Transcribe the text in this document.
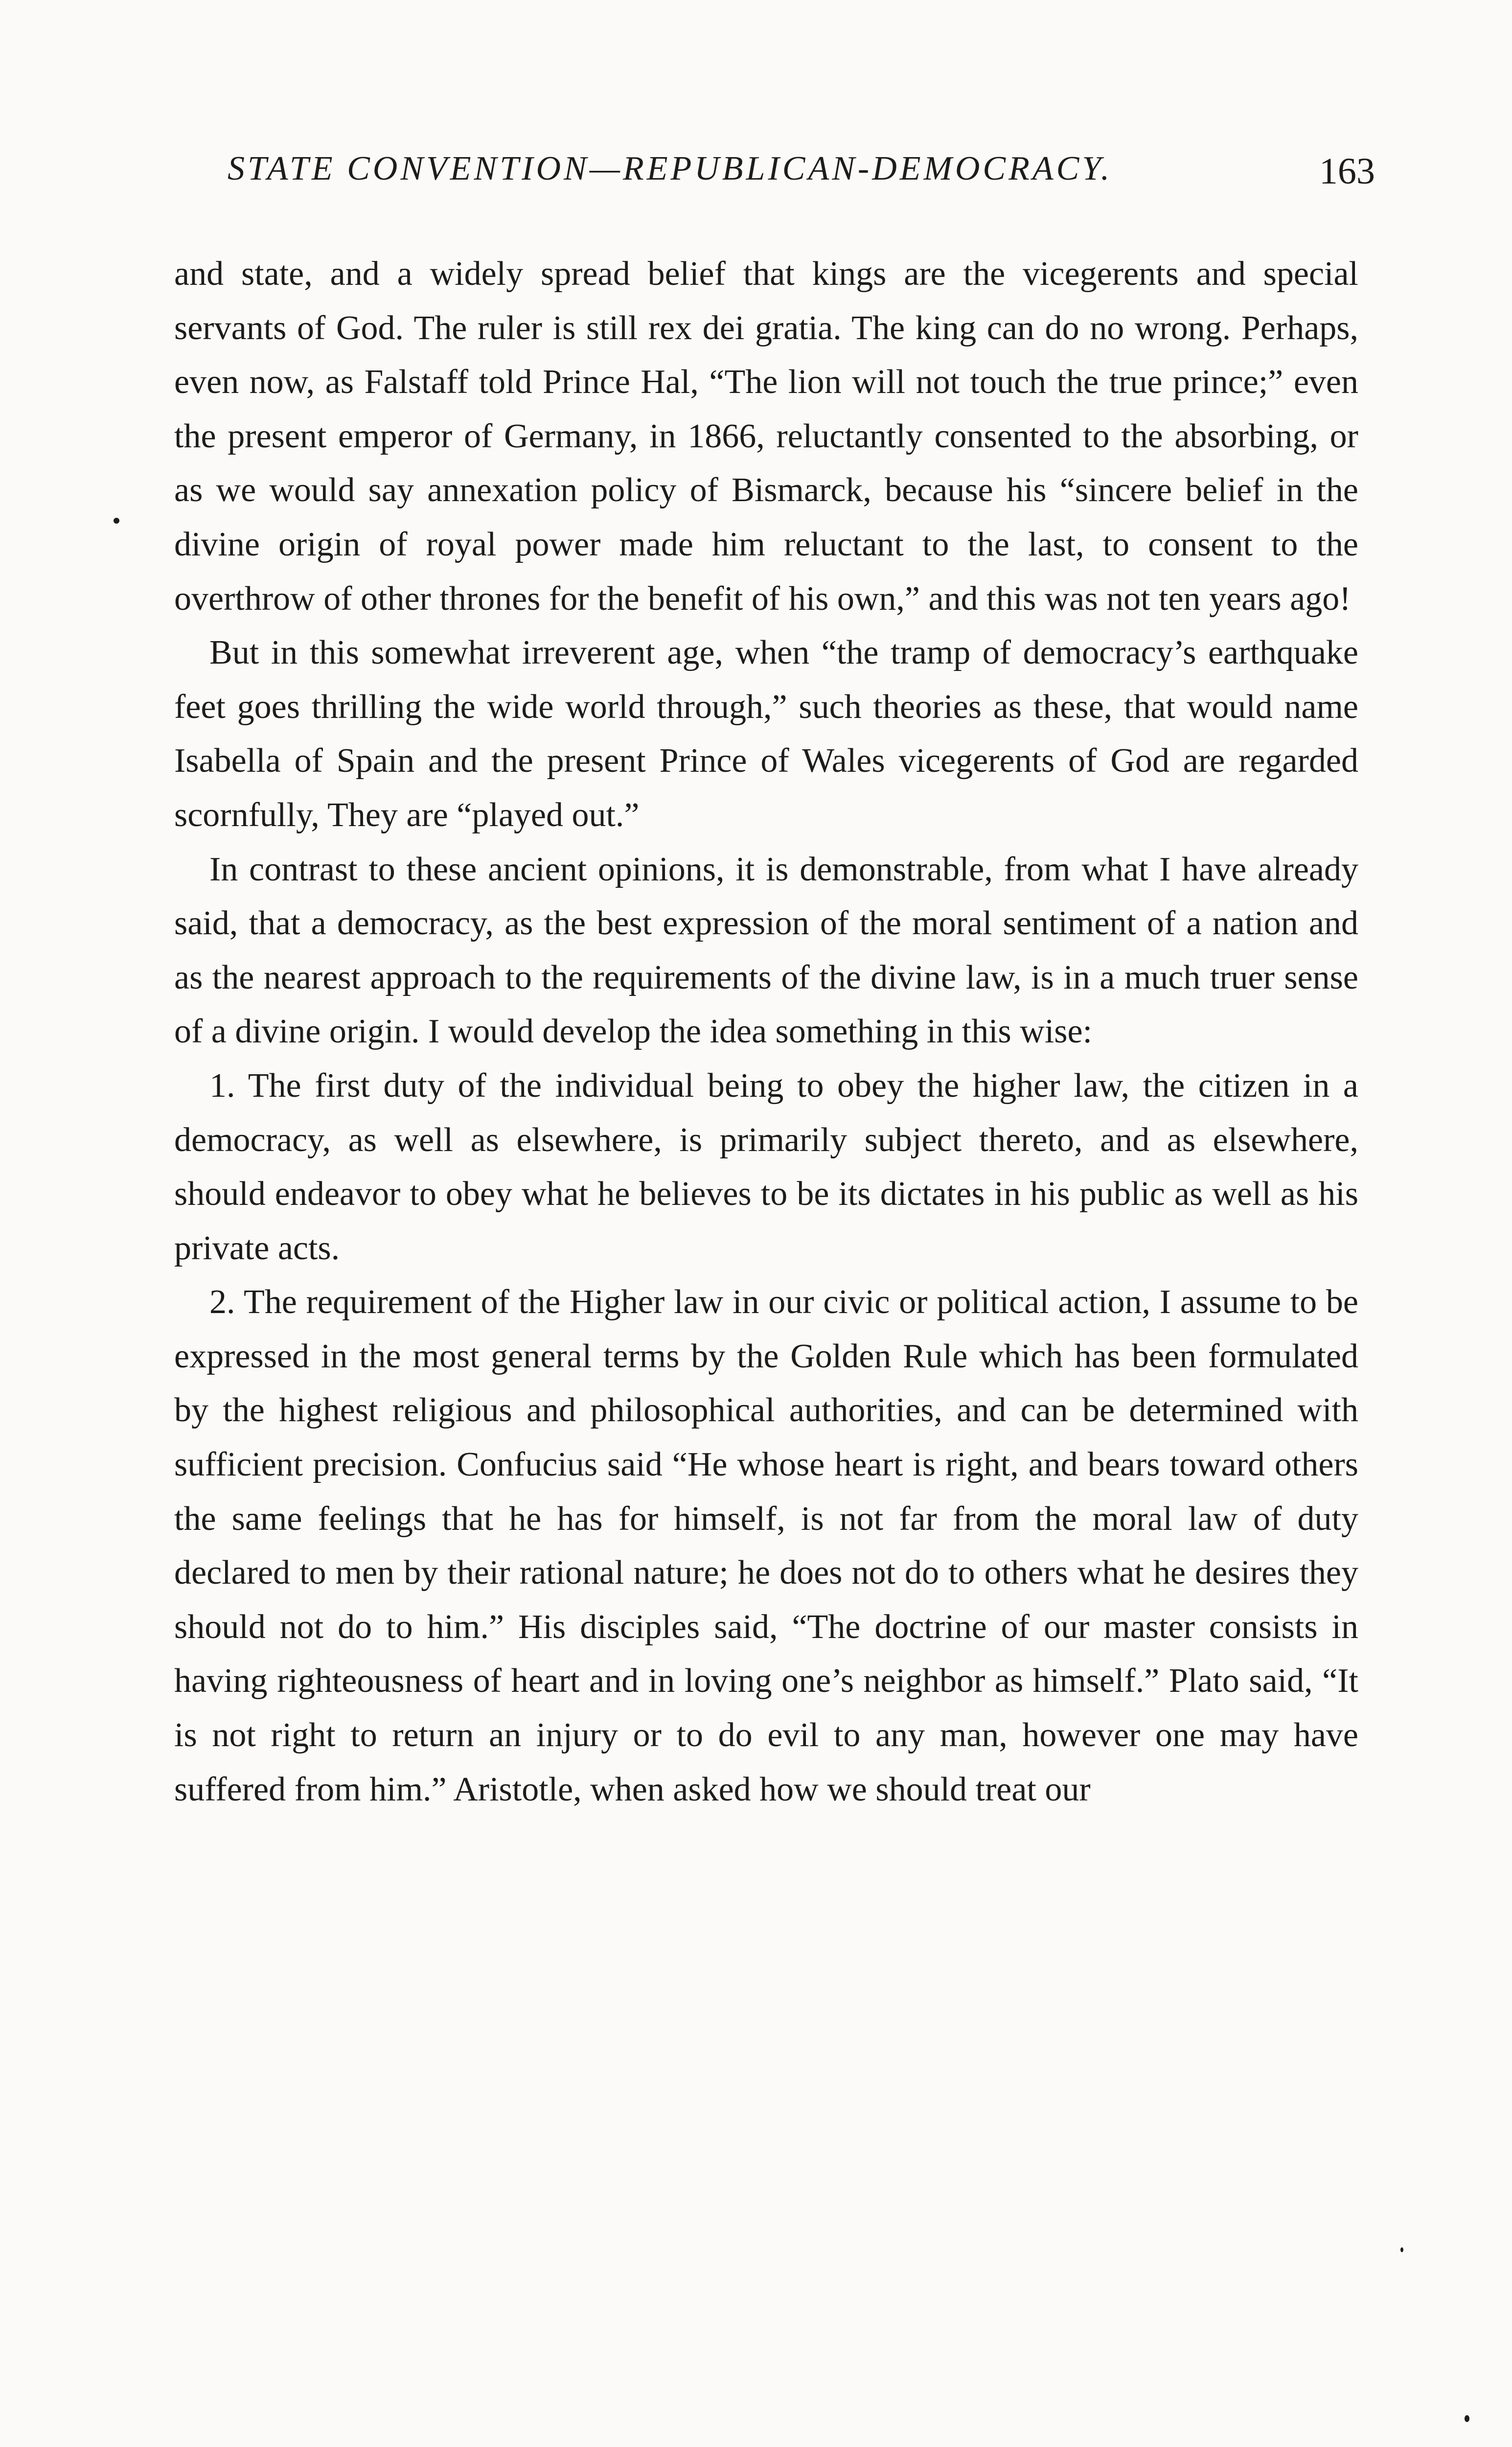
STATE CONVENTION—REPUBLICAN-DEMOCRACY.	163

and state, and a widely spread belief that kings are the vicegerents and special servants of God. The ruler is still rex dei gratia. The king can do no wrong. Perhaps, even now, as Falstaff told Prince Hal, “The lion will not touch the true prince;” even the present emperor of Germany, in 1866, reluctantly consented to the absorbing, or as we would say annexation policy of Bismarck, because his “sincere belief in the divine origin of royal power made him reluctant to the last, to consent to the overthrow of other thrones for the benefit of his own,” and this was not ten years ago!

But in this somewhat irreverent age, when “the tramp of democracy’s earthquake feet goes thrilling the wide world through,” such theories as these, that would name Isabella of Spain and the present Prince of Wales vicegerents of God are regarded scornfully, They are “played out.”

In contrast to these ancient opinions, it is demonstrable, from what I have already said, that a democracy, as the best expression of the moral sentiment of a nation and as the nearest approach to the requirements of the divine law, is in a much truer sense of a divine origin. I would develop the idea something in this wise:

1. The first duty of the individual being to obey the higher law, the citizen in a democracy, as well as elsewhere, is primarily subject thereto, and as elsewhere, should endeavor to obey what he believes to be its dictates in his public as well as his private acts.

2. The requirement of the Higher law in our civic or political action, I assume to be expressed in the most general terms by the Golden Rule which has been formulated by the highest religious and philosophical authorities, and can be determined with sufficient precision. Confucius said “He whose heart is right, and bears toward others the same feelings that he has for himself, is not far from the moral law of duty declared to men by their rational nature; he does not do to others what he desires they should not do to him.” His disciples said, “The doctrine of our master consists in having righteousness of heart and in loving one’s neighbor as himself.” Plato said, “It is not right to return an injury or to do evil to any man, however one may have suffered from him.” Aristotle, when asked how we should treat our
